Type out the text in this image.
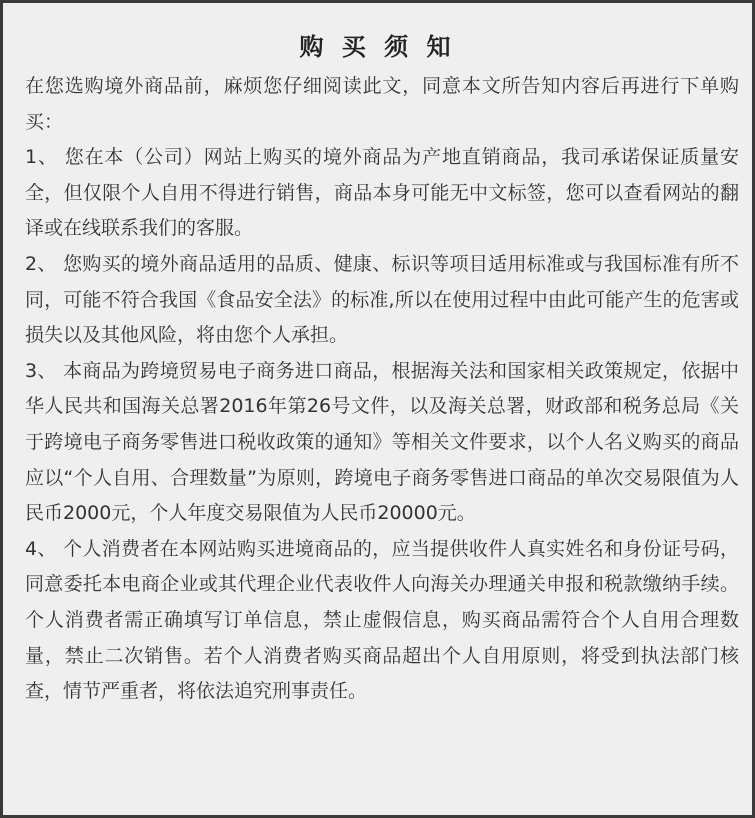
购 买 须 知

在您选购境外商品前，麻烦您仔细阅读此文，同意本文所告知内容后再进行下单购买：

1、 您在本（公司）网站上购买的境外商品为产地直销商品，我司承诺保证质量安全，但仅限个人自用不得进行销售，商品本身可能无中文标签，您可以查看网站的翻译或在线联系我们的客服。

2、 您购买的境外商品适用的品质、健康、标识等项目适用标准或与我国标准有所不同，可能不符合我国《食品安全法》的标准,所以在使用过程中由此可能产生的危害或损失以及其他风险，将由您个人承担。

3、 本商品为跨境贸易电子商务进口商品，根据海关法和国家相关政策规定，依据中华人民共和国海关总署2016年第26号文件，以及海关总署，财政部和税务总局《关于跨境电子商务零售进口税收政策的通知》等相关文件要求，以个人名义购买的商品应以“个人自用、合理数量”为原则，跨境电子商务零售进口商品的单次交易限值为人民币2000元，个人年度交易限值为人民币20000元。

4、 个人消费者在本网站购买进境商品的，应当提供收件人真实姓名和身份证号码，同意委托本电商企业或其代理企业代表收件人向海关办理通关申报和税款缴纳手续。个人消费者需正确填写订单信息，禁止虚假信息，购买商品需符合个人自用合理数量，禁止二次销售。若个人消费者购买商品超出个人自用原则，将受到执法部门核查，情节严重者，将依法追究刑事责任。
